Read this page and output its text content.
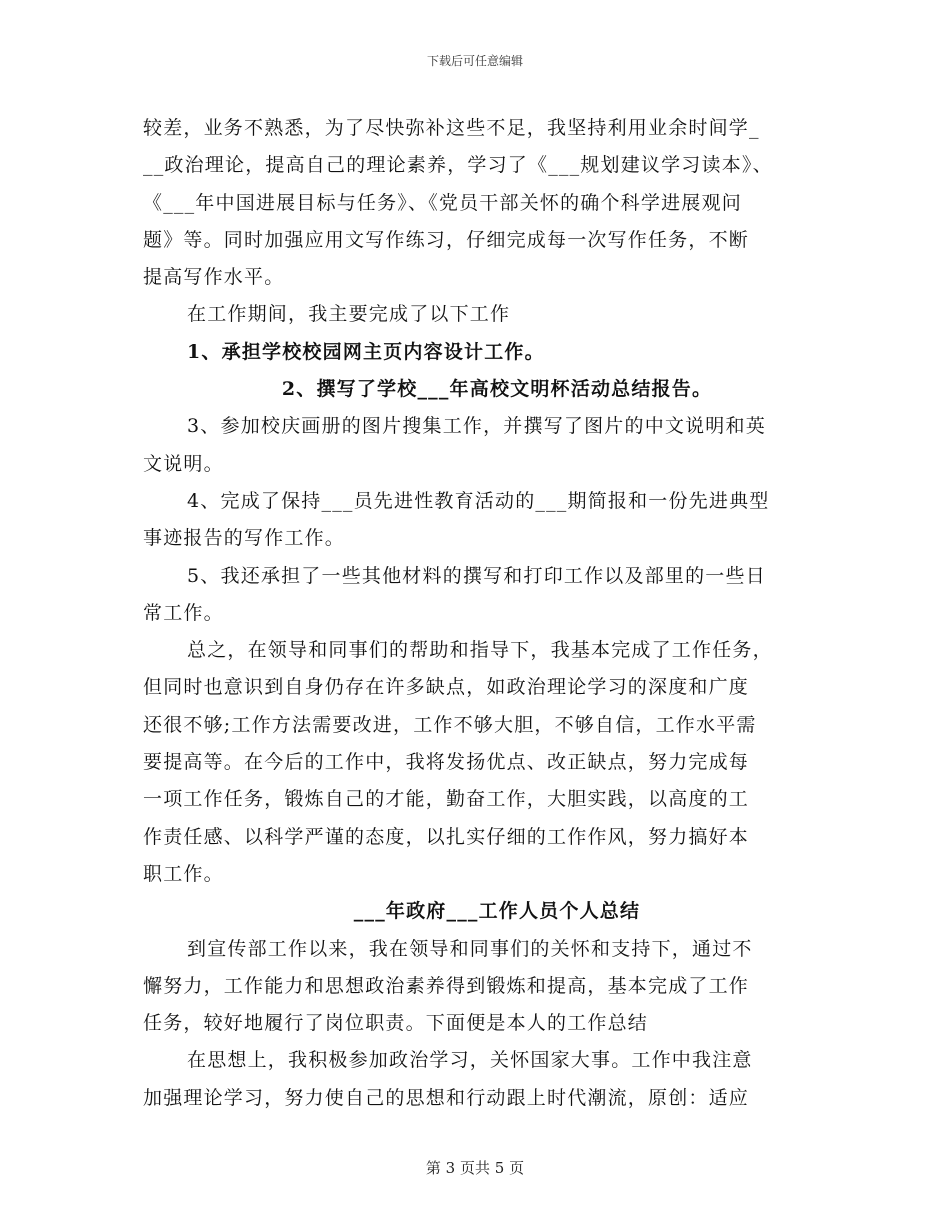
下载后可任意编辑
较差，业务不熟悉，为了尽快弥补这些不足，我坚持利用业余时间学_
__政治理论，提高自己的理论素养，学习了《___规划建议学习读本》、
《___年中国进展目标与任务》、《党员干部关怀的确个科学进展观问
题》等。同时加强应用文写作练习，仔细完成每一次写作任务，不断
提高写作水平。
在工作期间，我主要完成了以下工作
1、承担学校校园网主页内容设计工作。
2、撰写了学校___年高校文明杯活动总结报告。
3、参加校庆画册的图片搜集工作，并撰写了图片的中文说明和英
文说明。
4、完成了保持___员先进性教育活动的___期简报和一份先进典型
事迹报告的写作工作。
5、我还承担了一些其他材料的撰写和打印工作以及部里的一些日
常工作。
总之，在领导和同事们的帮助和指导下，我基本完成了工作任务，
但同时也意识到自身仍存在许多缺点，如政治理论学习的深度和广度
还很不够;工作方法需要改进，工作不够大胆，不够自信，工作水平需
要提高等。在今后的工作中，我将发扬优点、改正缺点，努力完成每
一项工作任务，锻炼自己的才能，勤奋工作，大胆实践，以高度的工
作责任感、以科学严谨的态度，以扎实仔细的工作作风，努力搞好本
职工作。
___年政府___工作人员个人总结
到宣传部工作以来，我在领导和同事们的关怀和支持下，通过不
懈努力，工作能力和思想政治素养得到锻炼和提高，基本完成了工作
任务，较好地履行了岗位职责。下面便是本人的工作总结
在思想上，我积极参加政治学习，关怀国家大事。工作中我注意
加强理论学习，努力使自己的思想和行动跟上时代潮流，原创：适应
第 3 页共 5 页
